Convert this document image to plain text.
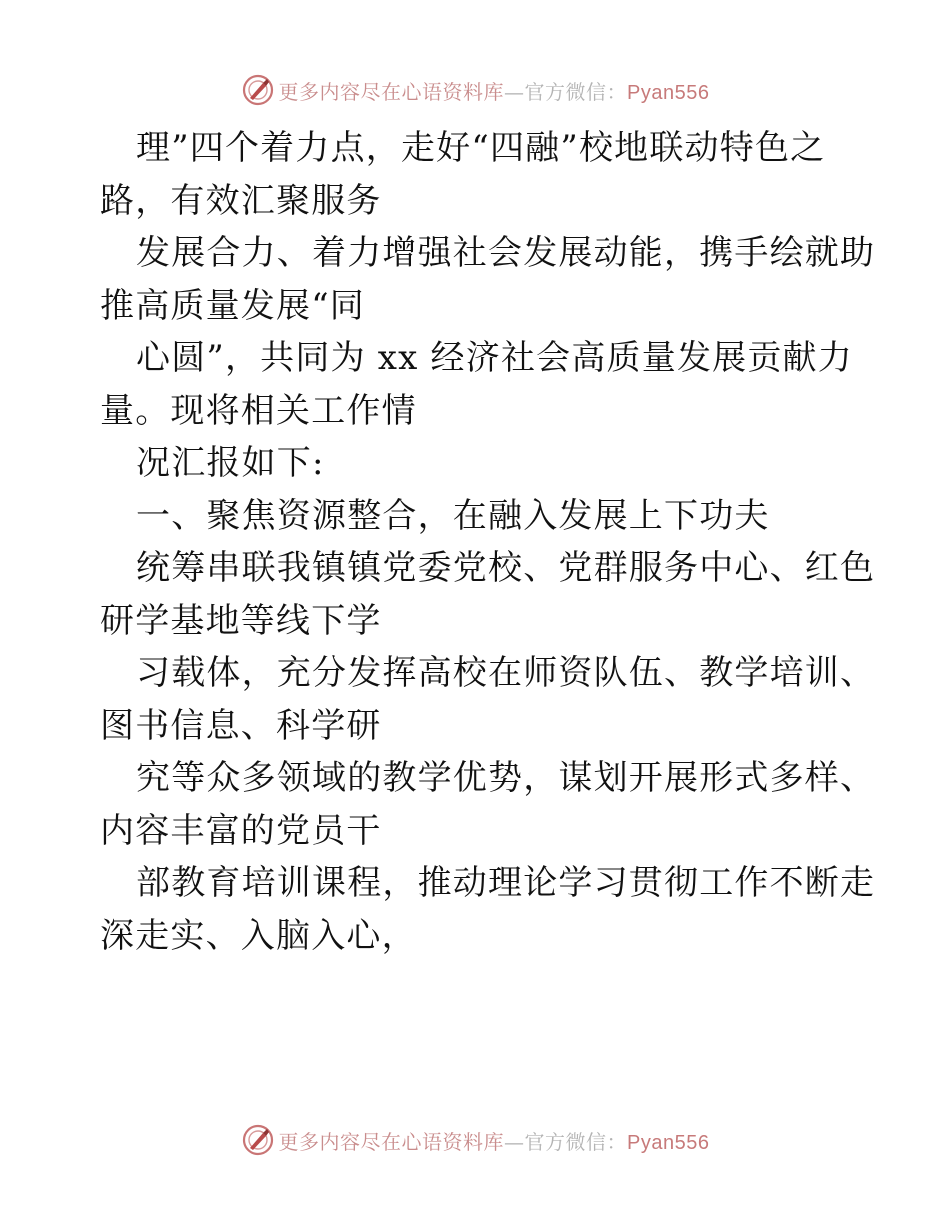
更多内容尽在心语资料库—官方微信：Pyan556
理”四个着力点，走好“四融”校地联动特色之
路，有效汇聚服务
发展合力、着力增强社会发展动能，携手绘就助
推高质量发展“同
心圆”，共同为 xx 经济社会高质量发展贡献力
量。现将相关工作情
况汇报如下:
一、聚焦资源整合，在融入发展上下功夫
统筹串联我镇镇党委党校、党群服务中心、红色
研学基地等线下学
习载体，充分发挥高校在师资队伍、教学培训、
图书信息、科学研
究等众多领域的教学优势，谋划开展形式多样、
内容丰富的党员干
部教育培训课程，推动理论学习贯彻工作不断走
深走实、入脑入心，
更多内容尽在心语资料库—官方微信：Pyan556
